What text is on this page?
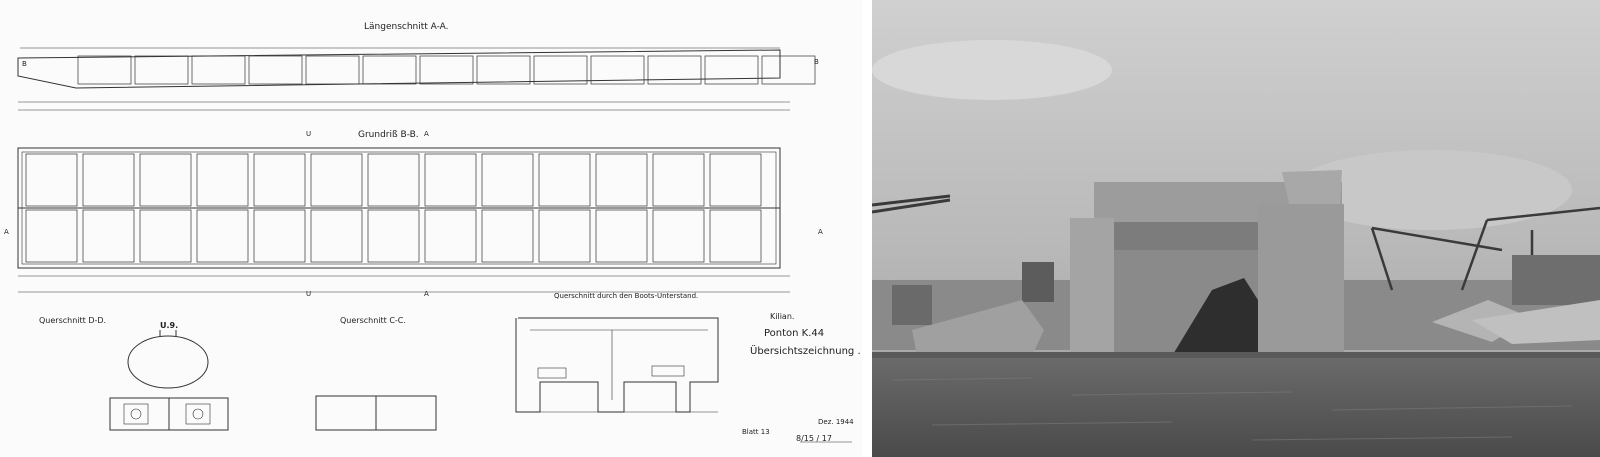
Längenschnitt A-A.
Grundriß B-B.
Querschnitt D-D.	Querschnitt C-C.
Querschnitt durch den Boots-Unterstand.
U.9.
B	B
A	A
U
U
A
A
Kilian.
Ponton K.44
Übersichtszeichnung .
Dez. 1944
Blatt 13
8/15 / 17
